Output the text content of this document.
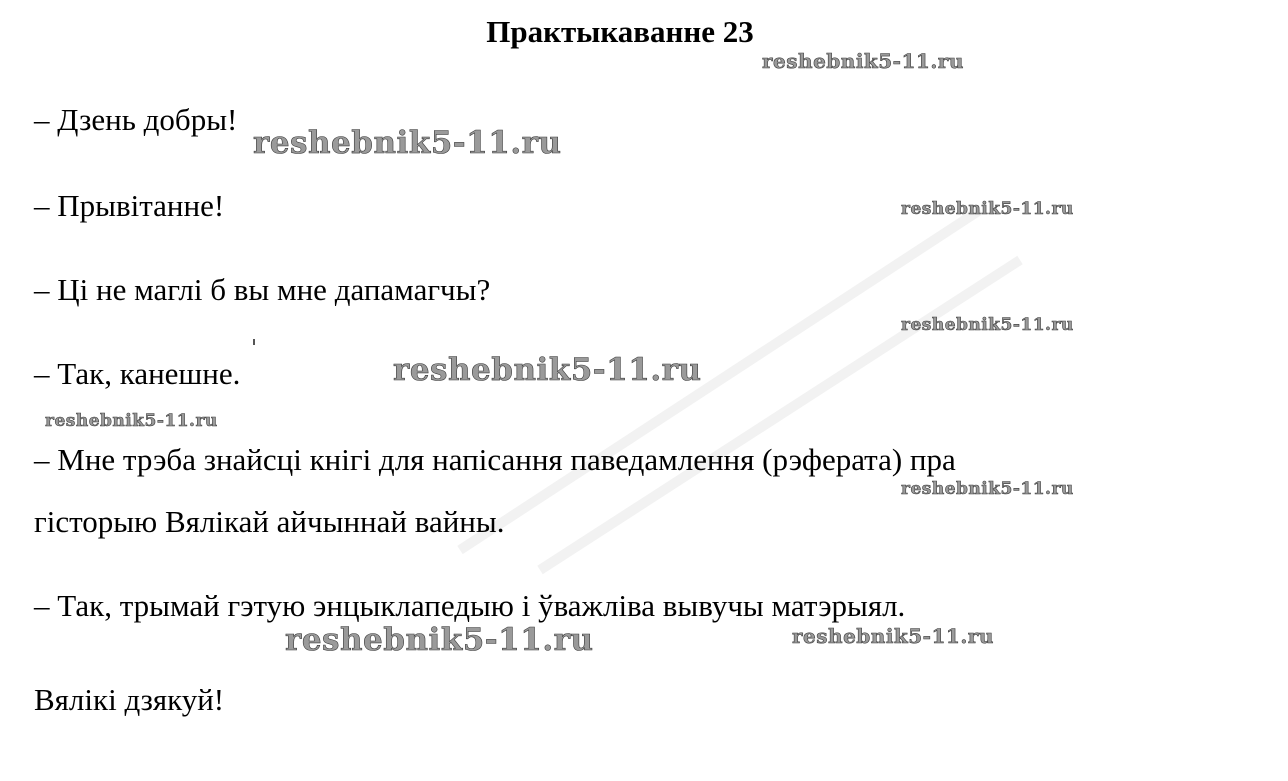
Практыкаванне 23
– Дзень добры!
– Прывітанне!
– Ці не маглі б вы мне дапамагчы?
– Так, канешне.
– Мне трэба знайсці кнігі для напісання паведамлення (рэферата) пра
гісторыю Вялікай айчыннай вайны.
– Так, трымай гэтую энцыклапедыю і ўважліва вывучы матэрыял.
Вялікі дзякуй!
reshebnik5-11.ru
reshebnik5-11.ru
reshebnik5-11.ru
reshebnik5-11.ru
reshebnik5-11.ru
reshebnik5-11.ru
reshebnik5-11.ru
reshebnik5-11.ru	reshebnik5-11.ru
